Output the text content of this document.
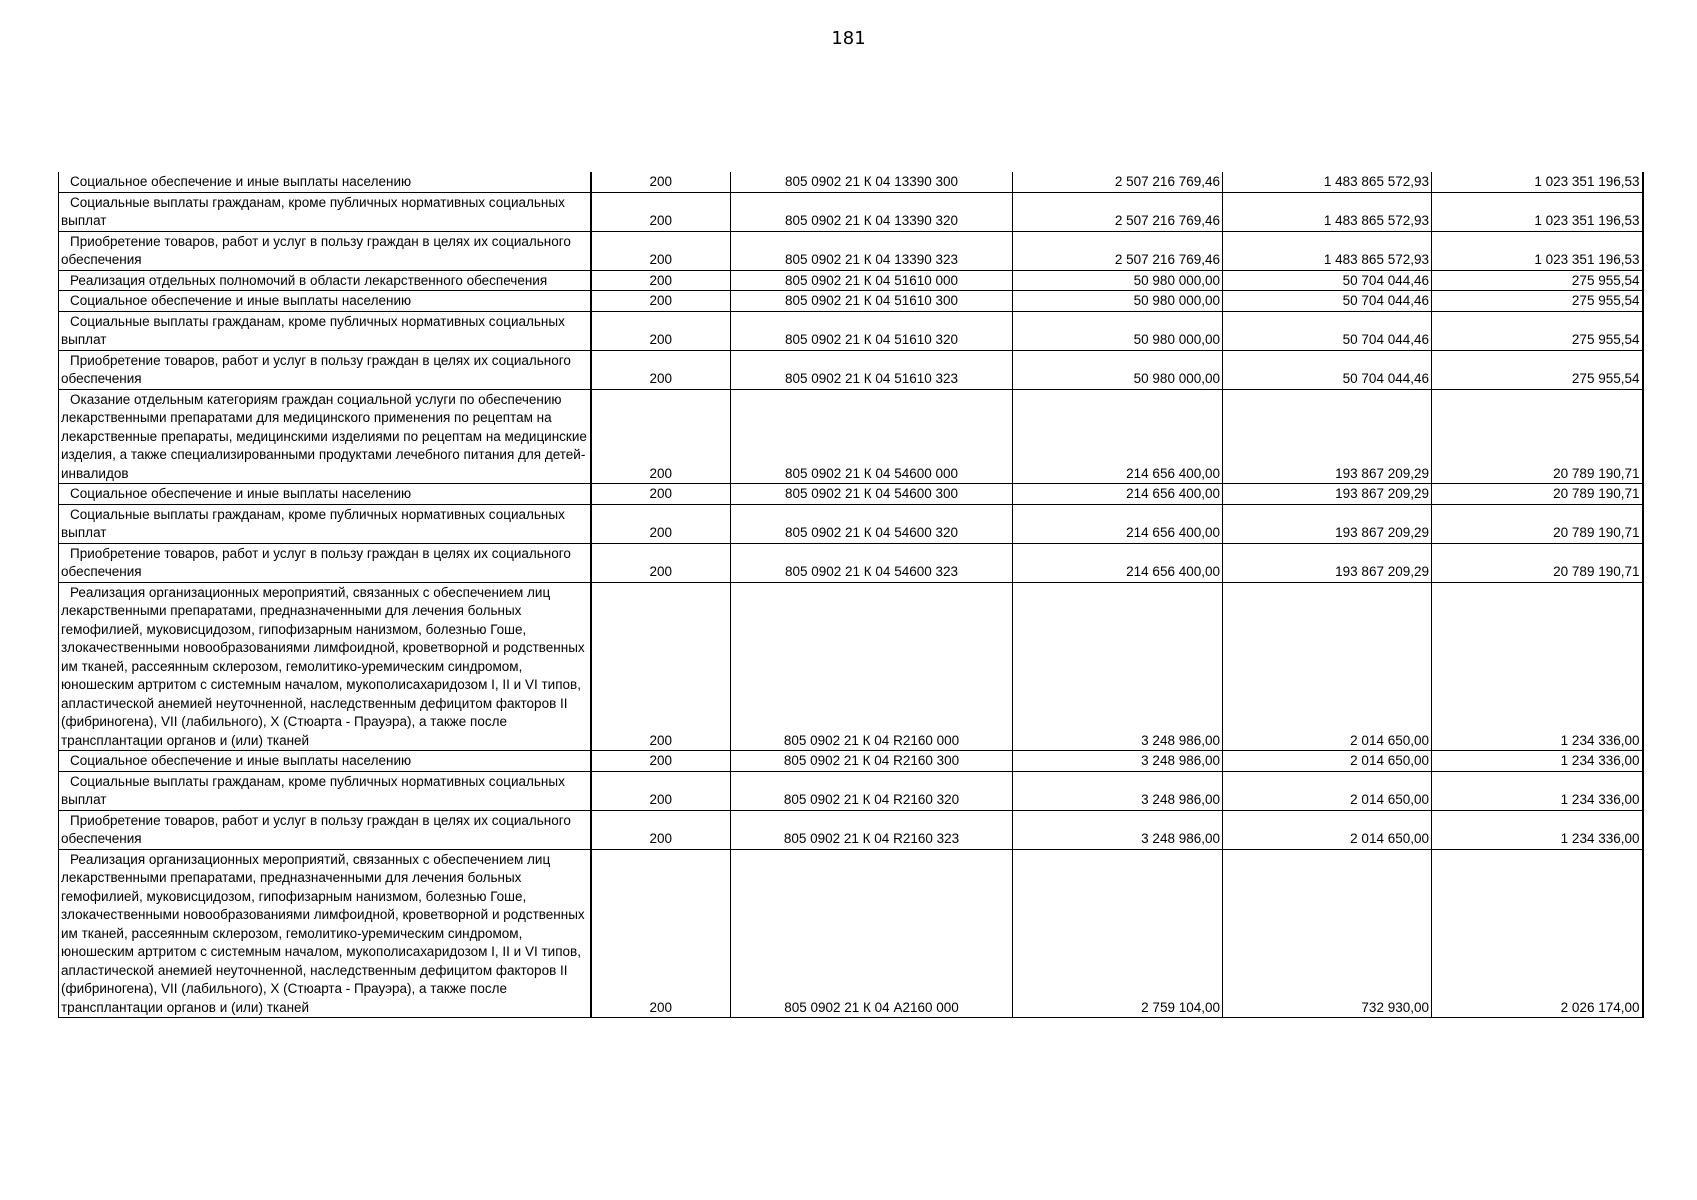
181
Социальное обеспечение и иные выплаты населению	200	805 0902 21 К 04 13390 300	2 507 216 769,46	1 483 865 572,93	1 023 351 196,53

Социальные выплаты гражданам, кроме публичных нормативных социальных выплат	200	805 0902 21 К 04 13390 320	2 507 216 769,46	1 483 865 572,93	1 023 351 196,53

Приобретение товаров, работ и услуг в пользу граждан в целях их социального обеспечения	200	805 0902 21 К 04 13390 323	2 507 216 769,46	1 483 865 572,93	1 023 351 196,53

Реализация отдельных полномочий в области лекарственного обеспечения	200	805 0902 21 К 04 51610 000	50 980 000,00	50 704 044,46	275 955,54

Социальное обеспечение и иные выплаты населению	200	805 0902 21 К 04 51610 300	50 980 000,00	50 704 044,46	275 955,54

Социальные выплаты гражданам, кроме публичных нормативных социальных выплат	200	805 0902 21 К 04 51610 320	50 980 000,00	50 704 044,46	275 955,54

Приобретение товаров, работ и услуг в пользу граждан в целях их социального обеспечения	200	805 0902 21 К 04 51610 323	50 980 000,00	50 704 044,46	275 955,54

Оказание отдельным категориям граждан социальной услуги по обеспечению лекарственными препаратами для медицинского применения по рецептам на лекарственные препараты, медицинскими изделиями по рецептам на медицинские изделия, а также специализированными продуктами лечебного питания для детей-инвалидов	200	805 0902 21 К 04 54600 000	214 656 400,00	193 867 209,29	20 789 190,71

Социальное обеспечение и иные выплаты населению	200	805 0902 21 К 04 54600 300	214 656 400,00	193 867 209,29	20 789 190,71

Социальные выплаты гражданам, кроме публичных нормативных социальных выплат	200	805 0902 21 К 04 54600 320	214 656 400,00	193 867 209,29	20 789 190,71

Приобретение товаров, работ и услуг в пользу граждан в целях их социального обеспечения	200	805 0902 21 К 04 54600 323	214 656 400,00	193 867 209,29	20 789 190,71

Реализация организационных мероприятий, связанных с обеспечением лиц лекарственными препаратами, предназначенными для лечения больных гемофилией, муковисцидозом, гипофизарным нанизмом, болезнью Гоше, злокачественными новообразованиями лимфоидной, кроветворной и родственных им тканей, рассеянным склерозом, гемолитико-уремическим синдромом, юношеским артритом с системным началом, мукополисахаридозом I, II и VI типов, апластической анемией неуточненной, наследственным дефицитом факторов II (фибриногена), VII (лабильного), X (Стюарта - Прауэра), а также после трансплантации органов и (или) тканей	200	805 0902 21 К 04 R2160 000	3 248 986,00	2 014 650,00	1 234 336,00

Социальное обеспечение и иные выплаты населению	200	805 0902 21 К 04 R2160 300	3 248 986,00	2 014 650,00	1 234 336,00

Социальные выплаты гражданам, кроме публичных нормативных социальных выплат	200	805 0902 21 К 04 R2160 320	3 248 986,00	2 014 650,00	1 234 336,00

Приобретение товаров, работ и услуг в пользу граждан в целях их социального обеспечения	200	805 0902 21 К 04 R2160 323	3 248 986,00	2 014 650,00	1 234 336,00

Реализация организационных мероприятий, связанных с обеспечением лиц лекарственными препаратами, предназначенными для лечения больных гемофилией, муковисцидозом, гипофизарным нанизмом, болезнью Гоше, злокачественными новообразованиями лимфоидной, кроветворной и родственных им тканей, рассеянным склерозом, гемолитико-уремическим синдромом, юношеским артритом с системным началом, мукополисахаридозом I, II и VI типов, апластической анемией неуточненной, наследственным дефицитом факторов II (фибриногена), VII (лабильного), X (Стюарта - Прауэра), а также после трансплантации органов и (или) тканей	200	805 0902 21 К 04 A2160 000	2 759 104,00	732 930,00	2 026 174,00
